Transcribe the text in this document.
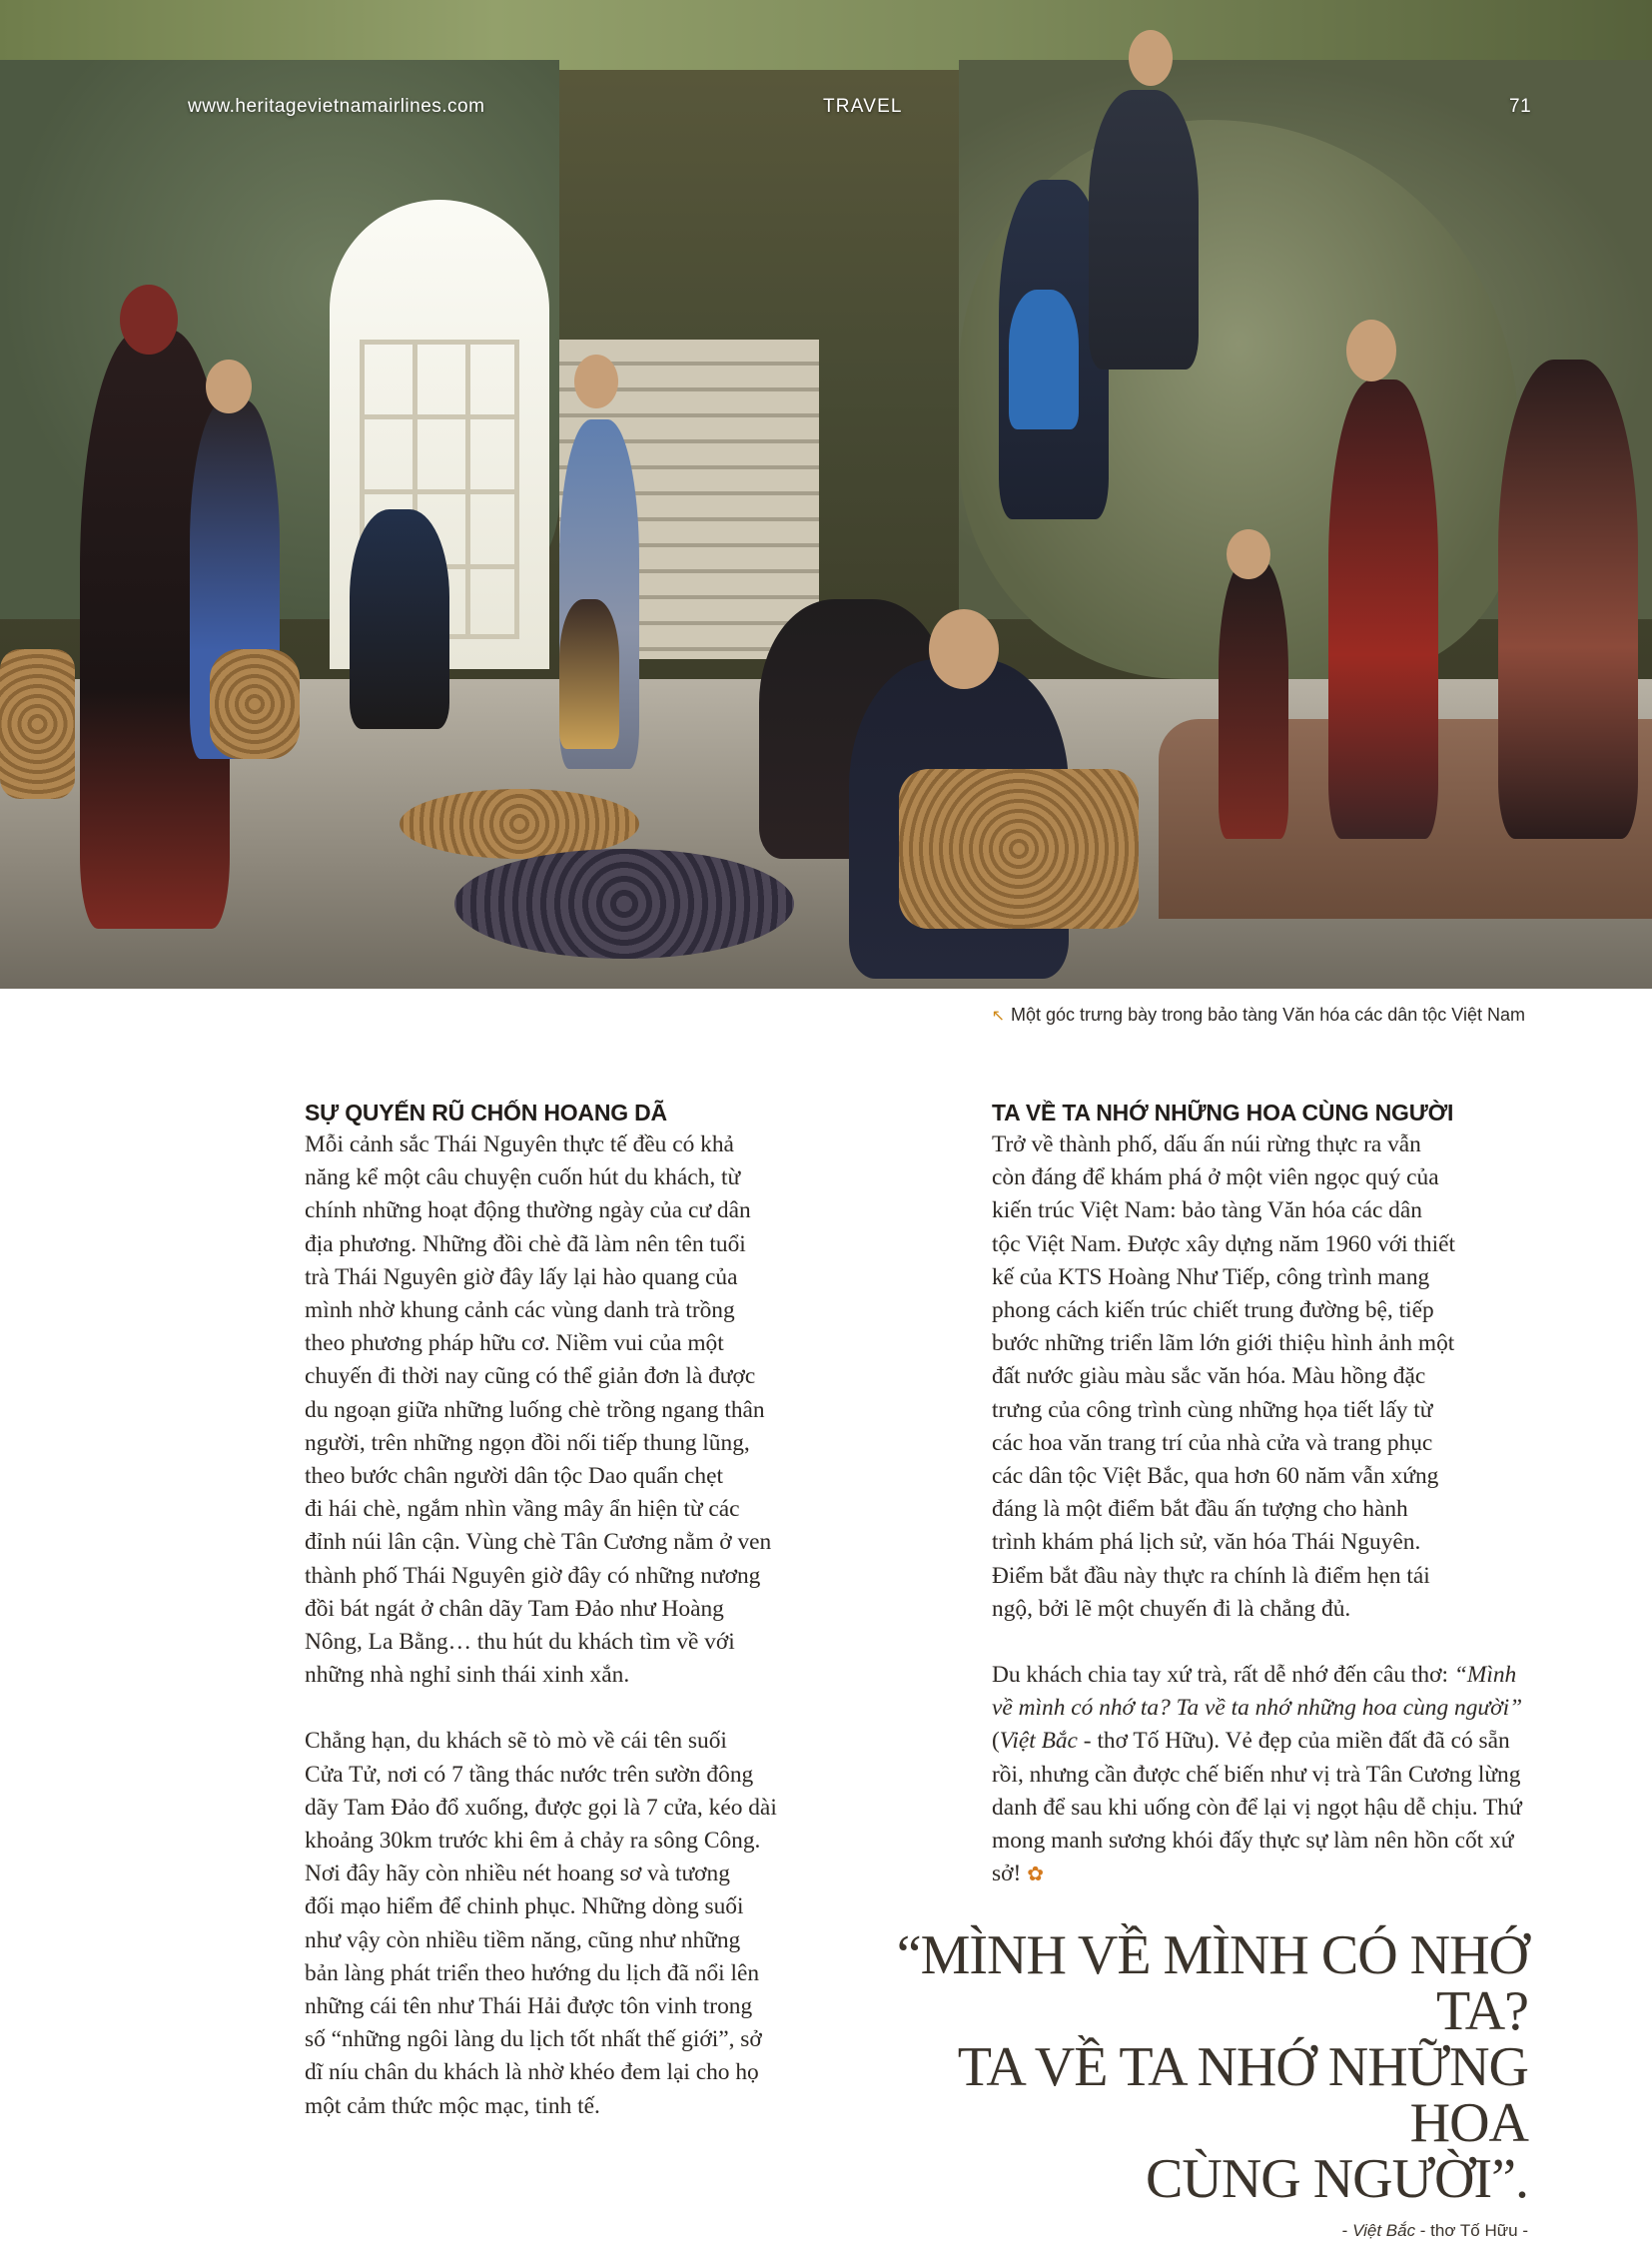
www.heritagevietnamairlines.com	TRAVEL	71
↖ Một góc trưng bày trong bảo tàng Văn hóa các dân tộc Việt Nam
SỰ QUYẾN RŨ CHỐN HOANG DÃ

Mỗi cảnh sắc Thái Nguyên thực tế đều có khả
năng kể một câu chuyện cuốn hút du khách, từ
chính những hoạt động thường ngày của cư dân
địa phương. Những đồi chè đã làm nên tên tuổi
trà Thái Nguyên giờ đây lấy lại hào quang của
mình nhờ khung cảnh các vùng danh trà trồng
theo phương pháp hữu cơ. Niềm vui của một
chuyến đi thời nay cũng có thể giản đơn là được
du ngoạn giữa những luống chè trồng ngang thân
người, trên những ngọn đồi nối tiếp thung lũng,
theo bước chân người dân tộc Dao quẩn chẹt
đi hái chè, ngắm nhìn vầng mây ẩn hiện từ các
đỉnh núi lân cận. Vùng chè Tân Cương nằm ở ven
thành phố Thái Nguyên giờ đây có những nương
đồi bát ngát ở chân dãy Tam Đảo như Hoàng
Nông, La Bằng… thu hút du khách tìm về với
những nhà nghỉ sinh thái xinh xắn.

Chẳng hạn, du khách sẽ tò mò về cái tên suối
Cửa Tử, nơi có 7 tầng thác nước trên sườn đông
dãy Tam Đảo đổ xuống, được gọi là 7 cửa, kéo dài
khoảng 30km trước khi êm ả chảy ra sông Công.
Nơi đây hãy còn nhiều nét hoang sơ và tương
đối mạo hiểm để chinh phục. Những dòng suối
như vậy còn nhiều tiềm năng, cũng như những
bản làng phát triển theo hướng du lịch đã nổi lên
những cái tên như Thái Hải được tôn vinh trong
số “những ngôi làng du lịch tốt nhất thế giới”, sở
dĩ níu chân du khách là nhờ khéo đem lại cho họ
một cảm thức mộc mạc, tinh tế.

TA VỀ TA NHỚ NHỮNG HOA CÙNG NGƯỜI

Trở về thành phố, dấu ấn núi rừng thực ra vẫn
còn đáng để khám phá ở một viên ngọc quý của
kiến trúc Việt Nam: bảo tàng Văn hóa các dân
tộc Việt Nam. Được xây dựng năm 1960 với thiết
kế của KTS Hoàng Như Tiếp, công trình mang
phong cách kiến trúc chiết trung đường bệ, tiếp
bước những triển lãm lớn giới thiệu hình ảnh một
đất nước giàu màu sắc văn hóa. Màu hồng đặc
trưng của công trình cùng những họa tiết lấy từ
các hoa văn trang trí của nhà cửa và trang phục
các dân tộc Việt Bắc, qua hơn 60 năm vẫn xứng
đáng là một điểm bắt đầu ấn tượng cho hành
trình khám phá lịch sử, văn hóa Thái Nguyên.
Điểm bắt đầu này thực ra chính là điểm hẹn tái
ngộ, bởi lẽ một chuyến đi là chẳng đủ.

Du khách chia tay xứ trà, rất dễ nhớ đến câu thơ: “Mình về mình có nhớ ta? Ta về ta nhớ những hoa cùng người” (Việt Bắc - thơ Tố Hữu). Vẻ đẹp của miền đất đã có sẵn rồi, nhưng cần được chế biến như vị trà Tân Cương lừng danh để sau khi uống còn để lại vị ngọt hậu dễ chịu. Thứ mong manh sương khói đấy thực sự làm nên hồn cốt xứ sở! ✿

“MÌNH VỀ MÌNH CÓ NHỚ TA?
TA VỀ TA NHỚ NHỮNG HOA
CÙNG NGƯỜI”.

- Việt Bắc - thơ Tố Hữu -
